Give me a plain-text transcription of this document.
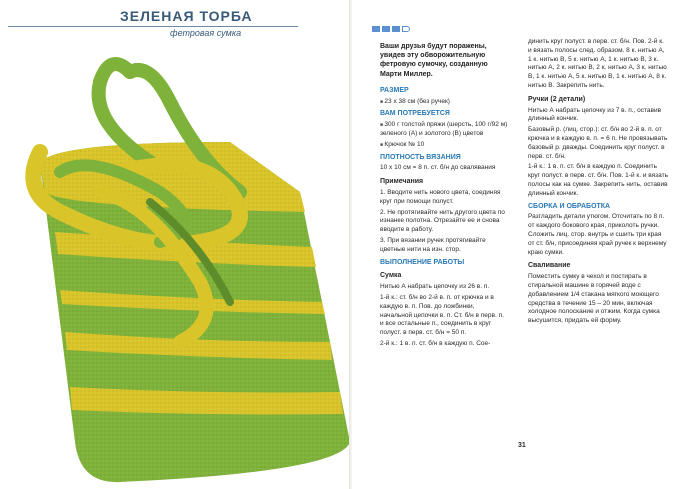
ЗЕЛЕНАЯ ТОРБА
фетровая сумка
Ваши друзья будут поражены, увидев эту обворожительную фетровую сумочку, созданную Марти Миллер.
РАЗМЕР

■ 23 х 38 см (без ручек)

ВАМ ПОТРЕБУЕТСЯ

■ 300 г толстой пряжи (шерсть, 100 г/92 м) зеленого (А) и золотого (В) цветов

■ Крючок № 10

ПЛОТНОСТЬ ВЯЗАНИЯ

10 х 10 см = 8 п. ст. б/н до свалявания

Примечания

1. Вводите нить нового цвета, соединяя круг при помощи полуст.

2. Не протягивайте нить другого цвета по изнанке полотна. Отрезайте ее и снова вводите в работу.

3. При вязании ручек протягивайте цветные нити на изн. стор.

ВЫПОЛНЕНИЕ РАБОТЫ
Сумка

Нитью А набрать цепочку из 26 в. п.

1-й к.: ст. б/н во 2-й в. п. от крючка и в каждую в. п. Пов. до ложбинки, начальной цепочки в. п. Ст. б/н в перв. п. и все остальные п., соединить в круг полуст. в перв. ст. б/н = 50 п.

2-й к.: 1 в. п. ст. б/н в каждую п. Сое-

динить круг полуст. в перв. ст. б/н. Пов. 2-й к. и вязать полосы след. образом. 8 к. нитью А, 1 к. нитью В, 5 к. нитью А, 1 к. нитью В, 3 к. нитью А, 2 к. нитью В, 2 к. нитью А, 3 к. нитью В, 1 к. нитью А, 5 к. нитью В, 1 к. нитью А, 8 к. нитью В. Закрепить нить.

Ручки (2 детали)

Нитью А набрать цепочку из 7 в. п., оставив длинный кончик.

Базовый р. (лиц. стор.): ст. б/н во 2-й в. п. от крючка и в каждую в. п. = 6 п. Не провязывать базовый р. дважды. Соединить круг полуст. в перв. ст. б/н.

1-й к.: 1 в. п. ст. б/н в каждую п. Соединить круг полуст. в перв. ст. б/н. Пов. 1-й к. и вязать полосы как на сумке. Закрепить нить, оставив длинный кончик.

СБОРКА И ОБРАБОТКА

Разгладить детали утюгом. Отсчитать по 8 п. от каждого бокового края, приколоть ручки. Сложить лиц. стор. внутрь и сшить три края от ст. б/н, присоединяя край ручек к верхнему краю сумки.

Сваливание

Поместить сумку в чехол и постирать в стиральной машине в горячей воде с добавлением 1/4 стакана мягкого моющего средства в течение 15 – 20 мин, включая холодное полоскание и отжим. Когда сумка высушится, придать ей форму.

31
